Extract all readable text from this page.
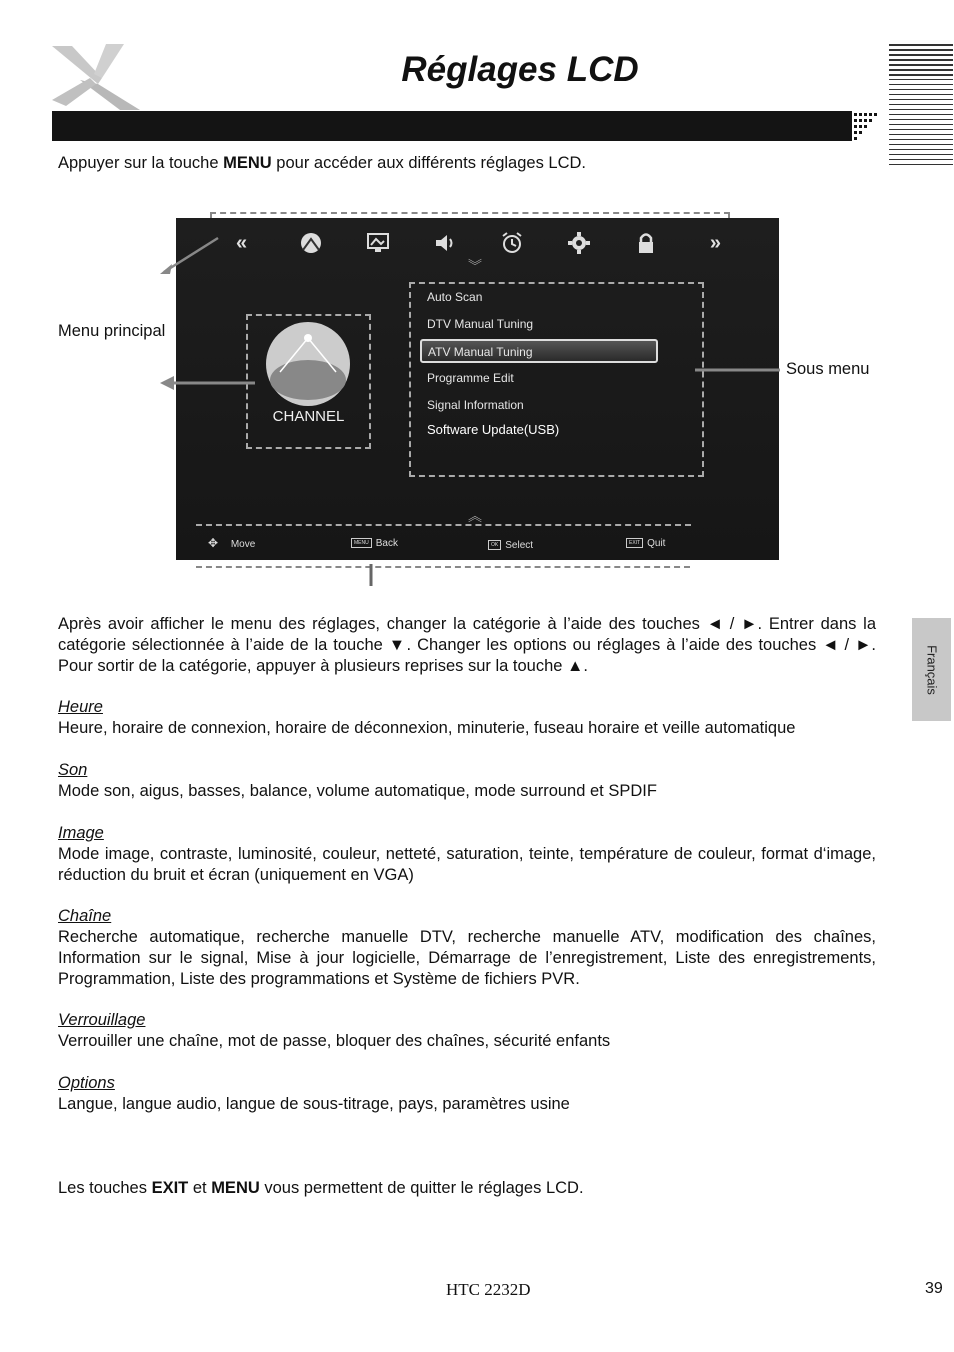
Réglages LCD
Appuyer sur la touche MENU pour accéder aux différents réglages LCD.
«	»
︾
CHANNEL
Auto Scan
DTV Manual Tuning
ATV Manual Tuning
Programme Edit
Signal Information
Software Update(USB)
︽
✥ Move	MENU Back	OK Select	EXIT Quit
Menu principal
Sous menu
Après avoir afficher le menu des réglages, changer la catégorie à l’aide des touches ◄ / ►. Entrer dans la catégorie sélectionnée à l’aide de la touche ▼. Changer les options ou réglages à l’aide des touches ◄ / ►. Pour sortir de la catégorie, appuyer à plusieurs reprises sur la touche ▲.
Heure
Heure, horaire de connexion, horaire de déconnexion, minuterie, fuseau horaire et veille automatique
Son
Mode son, aigus, basses, balance, volume automatique, mode surround et SPDIF
Image
Mode image, contraste, luminosité, couleur, netteté, saturation, teinte, température de couleur, format d‘image, réduction du bruit et écran (uniquement en VGA)
Chaîne
Recherche automatique, recherche manuelle DTV, recherche manuelle ATV, modification des chaînes, Information sur le signal, Mise à jour logicielle, Démarrage de l’enregistrement, Liste des enregistrements, Programmation, Liste des programmations et Système de fichiers PVR.
Verrouillage
Verrouiller une chaîne, mot de passe, bloquer des chaînes, sécurité enfants
Options
Langue, langue audio, langue de sous-titrage, pays, paramètres usine
Les touches EXIT et MENU vous permettent de quitter le réglages LCD.
Français
HTC 2232D	39
